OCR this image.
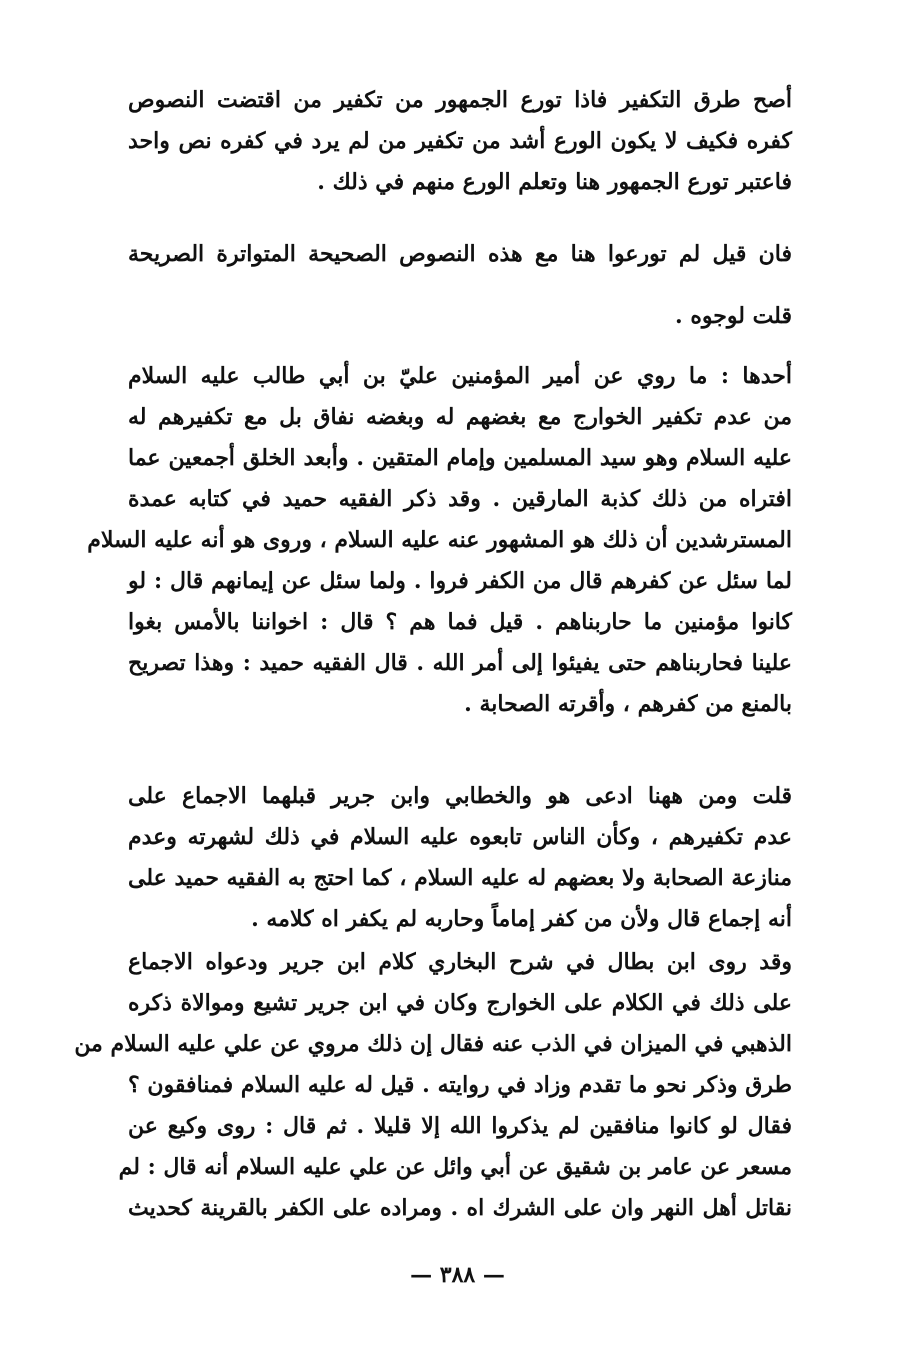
أصح طرق التكفير فاذا تورع الجمهور من تكفير من اقتضت النصوص
كفره فكيف لا يكون الورع أشد من تكفير من لم يرد في كفره نص واحد
فاعتبر تورع الجمهور هنا وتعلم الورع منهم في ذلك .
فان قيل لم تورعوا هنا مع هذه النصوص الصحيحة المتواترة الصريحة
قلت لوجوه .
أحدها : ما روي عن أمير المؤمنين عليّ بن أبي طالب عليه السلام
من عدم تكفير الخوارج مع بغضهم له وبغضه نفاق بل مع تكفيرهم له
عليه السلام وهو سيد المسلمين وإمام المتقين . وأبعد الخلق أجمعين عما
افتراه من ذلك كذبة المارقين . وقد ذكر الفقيه حميد في كتابه عمدة
المسترشدين أن ذلك هو المشهور عنه عليه السلام ، وروى هو أنه عليه السلام
لما سئل عن كفرهم قال من الكفر فروا . ولما سئل عن إيمانهم قال : لو
كانوا مؤمنين ما حاربناهم . قيل فما هم ؟ قال : اخواننا بالأمس بغوا
علينا فحاربناهم حتى يفيئوا إلى أمر الله . قال الفقيه حميد : وهذا تصريح
بالمنع من كفرهم ، وأقرته الصحابة .
قلت ومن ههنا ادعى هو والخطابي وابن جرير قبلهما الاجماع على
عدم تكفيرهم ، وكأن الناس تابعوه عليه السلام في ذلك لشهرته وعدم
منازعة الصحابة ولا بعضهم له عليه السلام ، كما احتج به الفقيه حميد على
أنه إجماع قال ولأن من كفر إماماً وحاربه لم يكفر اه كلامه .
وقد روى ابن بطال في شرح البخاري كلام ابن جرير ودعواه الاجماع
على ذلك في الكلام على الخوارج وكان في ابن جرير تشيع وموالاة ذكره
الذهبي في الميزان في الذب عنه فقال إن ذلك مروي عن علي عليه السلام من
طرق وذكر نحو ما تقدم وزاد في روايته . قيل له عليه السلام فمنافقون ؟
فقال لو كانوا منافقين لم يذكروا الله إلا قليلا . ثم قال : روى وكيع عن
مسعر عن عامر بن شقيق عن أبي وائل عن علي عليه السلام أنه قال : لم
نقاتل أهل النهر وان على الشرك اه . ومراده على الكفر بالقرينة كحديث
— ٣٨٨ —
